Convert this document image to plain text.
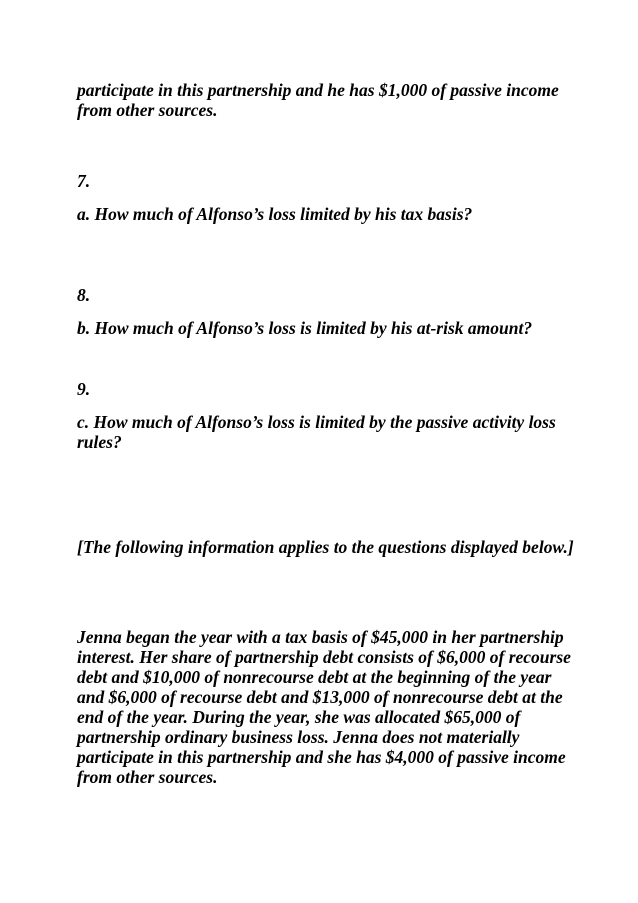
participate in this partnership and he has $1,000 of passive income from other sources.

7.

a. How much of Alfonso’s loss limited by his tax basis?

8.

b. How much of Alfonso’s loss is limited by his at-risk amount?

9.

c. How much of Alfonso’s loss is limited by the passive activity loss rules?

[The following information applies to the questions displayed below.]

Jenna began the year with a tax basis of $45,000 in her partnership interest. Her share of partnership debt consists of $6,000 of recourse debt and $10,000 of nonrecourse debt at the beginning of the year and $6,000 of recourse debt and $13,000 of nonrecourse debt at the end of the year. During the year, she was allocated $65,000 of partnership ordinary business loss. Jenna does not materially participate in this partnership and she has $4,000 of passive income from other sources.
